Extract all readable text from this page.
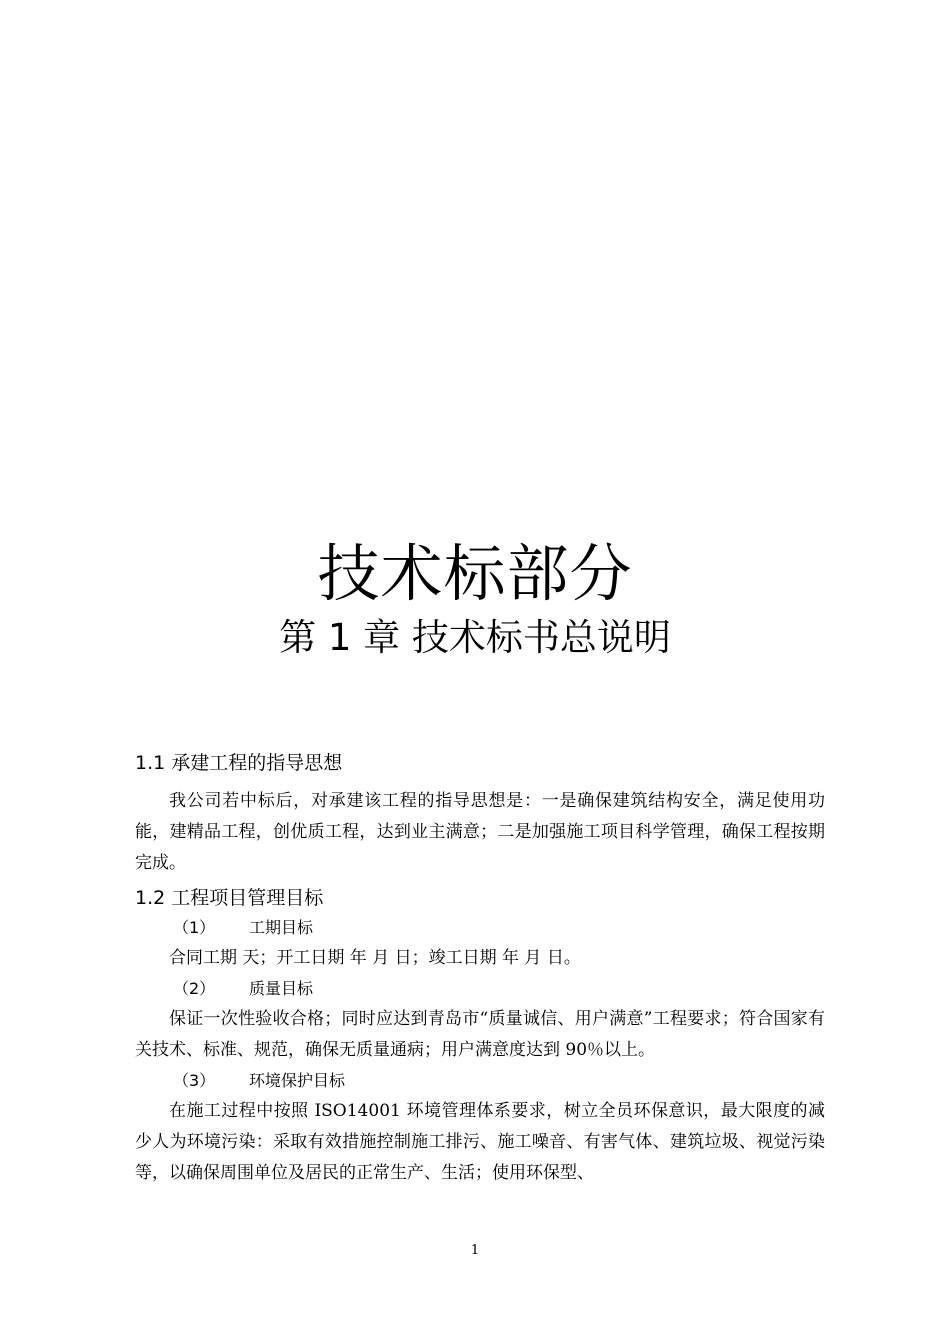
技术标部分
第 1 章 技术标书总说明
1.1 承建工程的指导思想

我公司若中标后，对承建该工程的指导思想是：一是确保建筑结构安全，满足使用功能，建精品工程，创优质工程，达到业主满意；二是加强施工项目科学管理，确保工程按期完成。

1.2 工程项目管理目标
（1）	工期目标

合同工期 天；开工日期 年 月 日；竣工日期 年 月 日。

（2）	质量目标

保证一次性验收合格；同时应达到青岛市“质量诚信、用户满意”工程要求；符合国家有关技术、标准、规范，确保无质量通病；用户满意度达到 90％以上。

（3）	环境保护目标

在施工过程中按照 ISO14001 环境管理体系要求，树立全员环保意识，最大限度的减少人为环境污染：采取有效措施控制施工排污、施工噪音、有害气体、建筑垃圾、视觉污染等，以确保周围单位及居民的正常生产、生活；使用环保型、

1
